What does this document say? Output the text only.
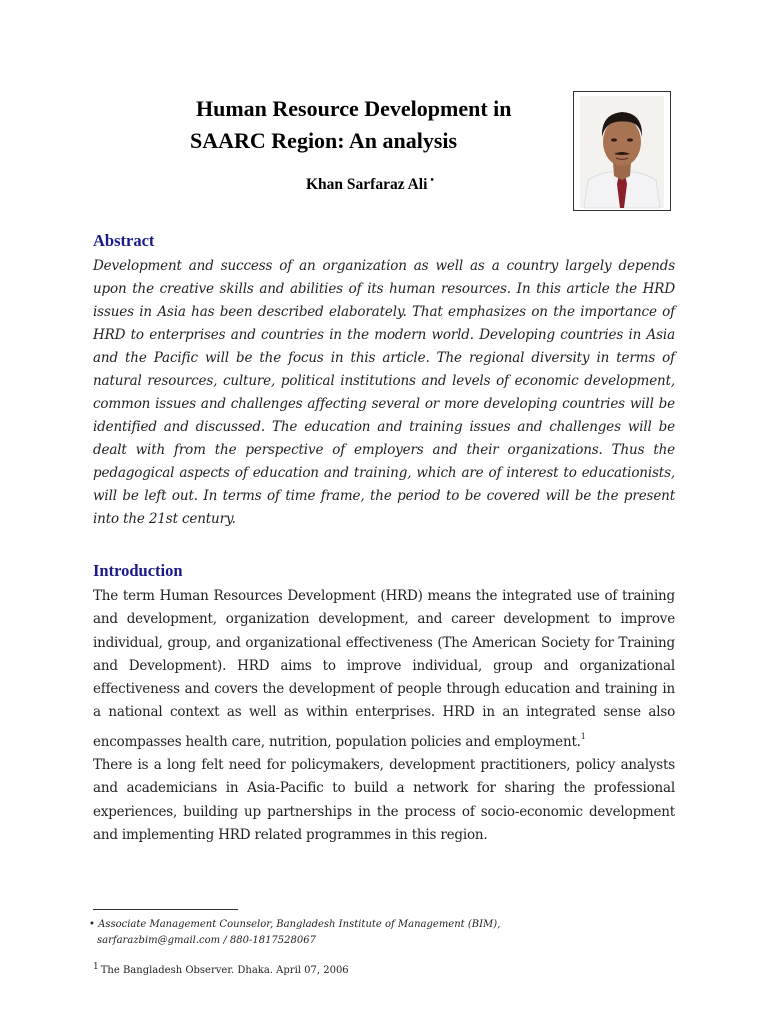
Human Resource Development in
SAARC Region: An analysis
Khan Sarfaraz Ali •
Abstract
Development and success of an organization as well as a country largely depends upon the creative skills and abilities of its human resources. In this article the HRD issues in Asia has been described elaborately. That emphasizes on the importance of HRD to enterprises and countries in the modern world. Developing countries in Asia and the Pacific will be the focus in this article. The regional diversity in terms of natural resources, culture, political institutions and levels of economic development, common issues and challenges affecting several or more developing countries will be identified and discussed. The education and training issues and challenges will be dealt with from the perspective of employers and their organizations. Thus the pedagogical aspects of education and training, which are of interest to educationists, will be left out. In terms of time frame, the period to be covered will be the present into the 21st century.
Introduction

The term Human Resources Development (HRD) means the integrated use of training and development, organization development, and career development to improve individual, group, and organizational effectiveness (The American Society for Training and Development). HRD aims to improve individual, group and organizational effectiveness and covers the development of people through education and training in a national context as well as within enterprises. HRD in an integrated sense also encompasses health care, nutrition, population policies and employment.$^1$

There is a long felt need for policymakers, development practitioners, policy analysts and academicians in Asia-Pacific to build a network for sharing the professional experiences, building up partnerships in the process of socio-economic development and implementing HRD related programmes in this region.

• Associate Management Counselor, Bangladesh Institute of Management (BIM),
sarfarazbim@gmail.com / 880-1817528067
$^1$ The Bangladesh Observer. Dhaka. April 07, 2006
